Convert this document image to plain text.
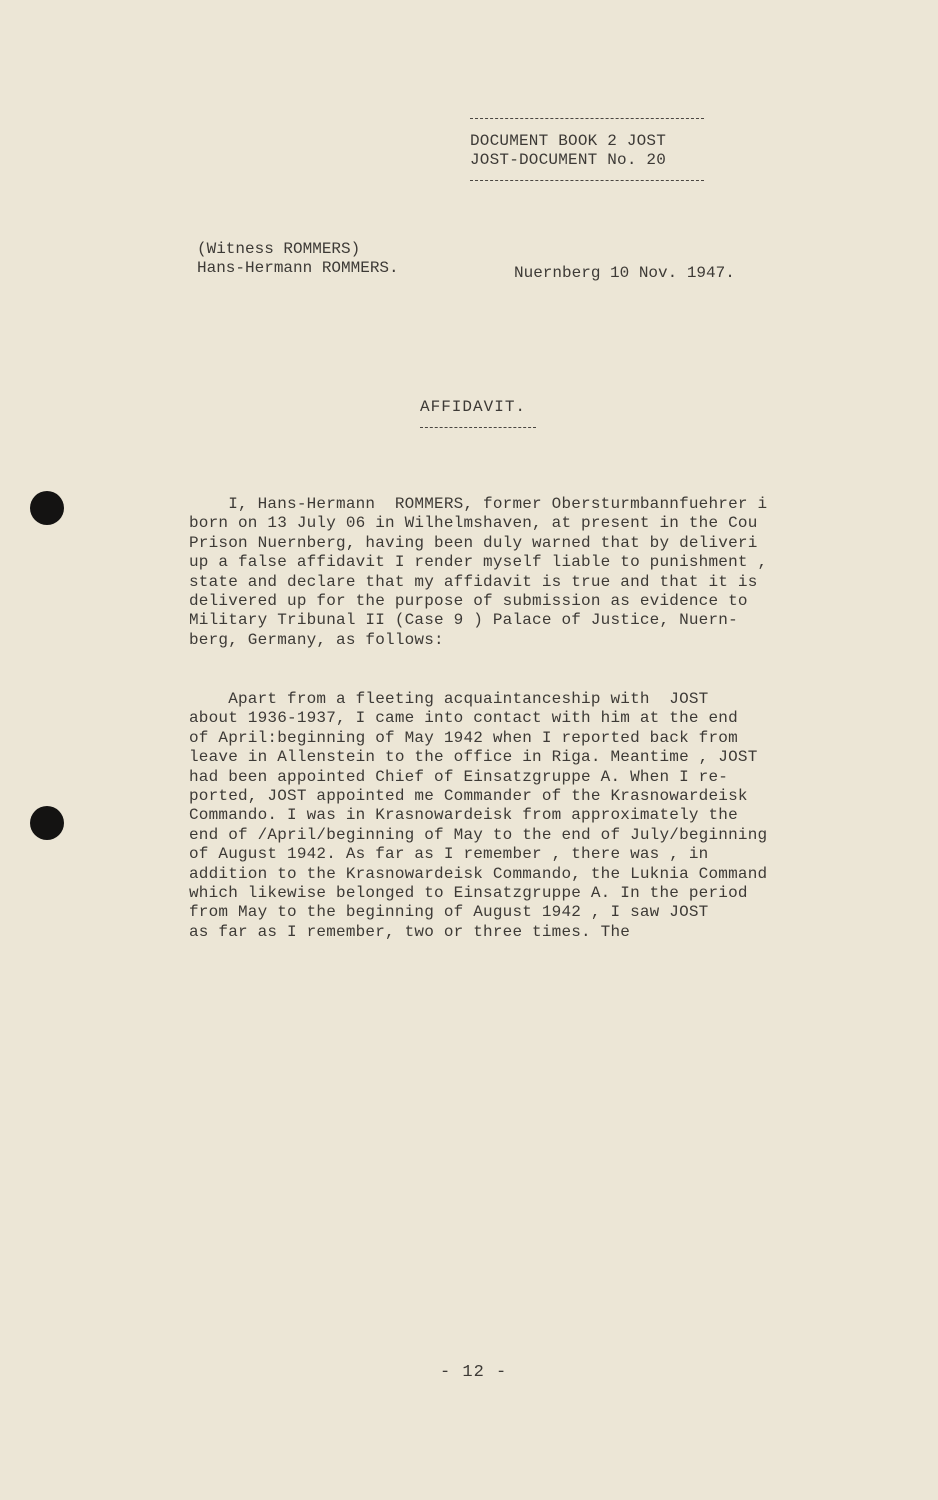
DOCUMENT BOOK 2 JOST
JOST-DOCUMENT No. 20
(Witness ROMMERS)
Hans-Hermann ROMMERS.	Nuernberg 10 Nov. 1947.
AFFIDAVIT.
I, Hans-Hermann  ROMMERS, former Obersturmbannfuehrer i
born on 13 July 06 in Wilhelmshaven, at present in the Cou
Prison Nuernberg, having been duly warned that by deliveri
up a false affidavit I render myself liable to punishment ,
state and declare that my affidavit is true and that it is
delivered up for the purpose of submission as evidence to
Military Tribunal II (Case 9 ) Palace of Justice, Nuern-
berg, Germany, as follows:
Apart from a fleeting acquaintanceship with  JOST
about 1936-1937, I came into contact with him at the end
of April:beginning of May 1942 when I reported back from
leave in Allenstein to the office in Riga. Meantime , JOST
had been appointed Chief of Einsatzgruppe A. When I re-
ported, JOST appointed me Commander of the Krasnowardeisk
Commando. I was in Krasnowardeisk from approximately the
end of /April/beginning of May to the end of July/beginning
of August 1942. As far as I remember , there was , in
addition to the Krasnowardeisk Commando, the Luknia Command
which likewise belonged to Einsatzgruppe A. In the period
from May to the beginning of August 1942 , I saw JOST
as far as I remember, two or three times. The
- 12 -
